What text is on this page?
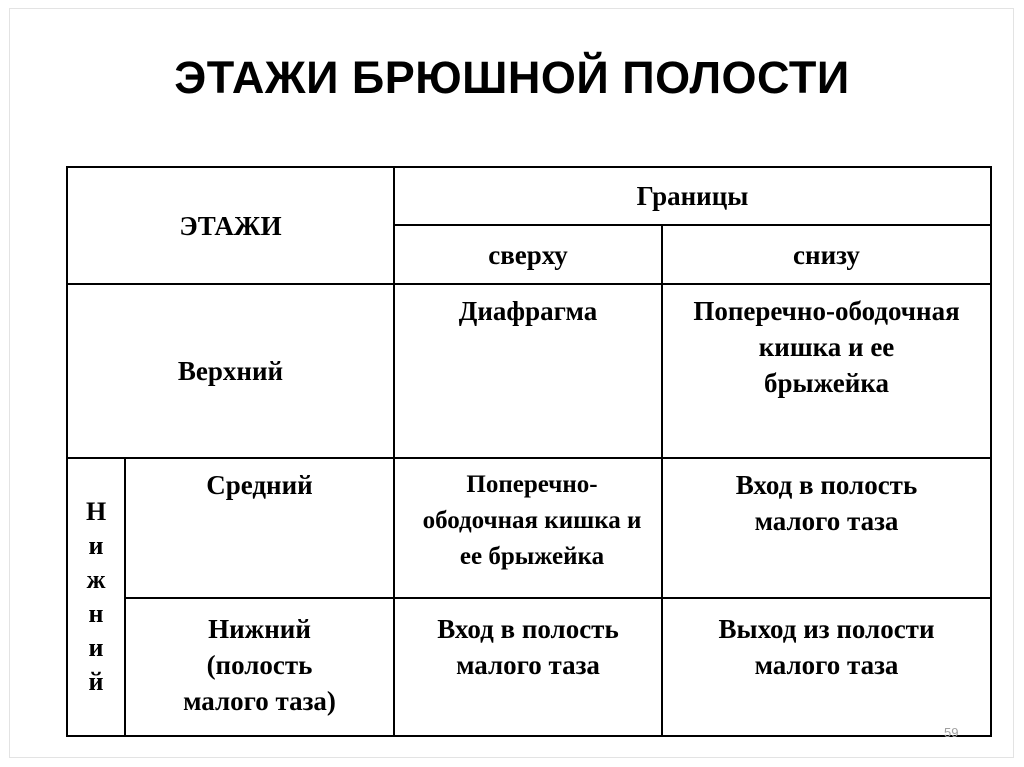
ЭТАЖИ БРЮШНОЙ ПОЛОСТИ
ЭТАЖИ		Границы	
		сверху	снизу
Верхний		Диафрагма	Поперечно-ободочная кишка и ее брыжейка
Нижний	Средний	Поперечно-ободочная кишка и ее брыжейка	Вход в полость малого таза
	Нижний (полость малого таза)	Вход в полость малого таза	Выход из полости малого таза
59
